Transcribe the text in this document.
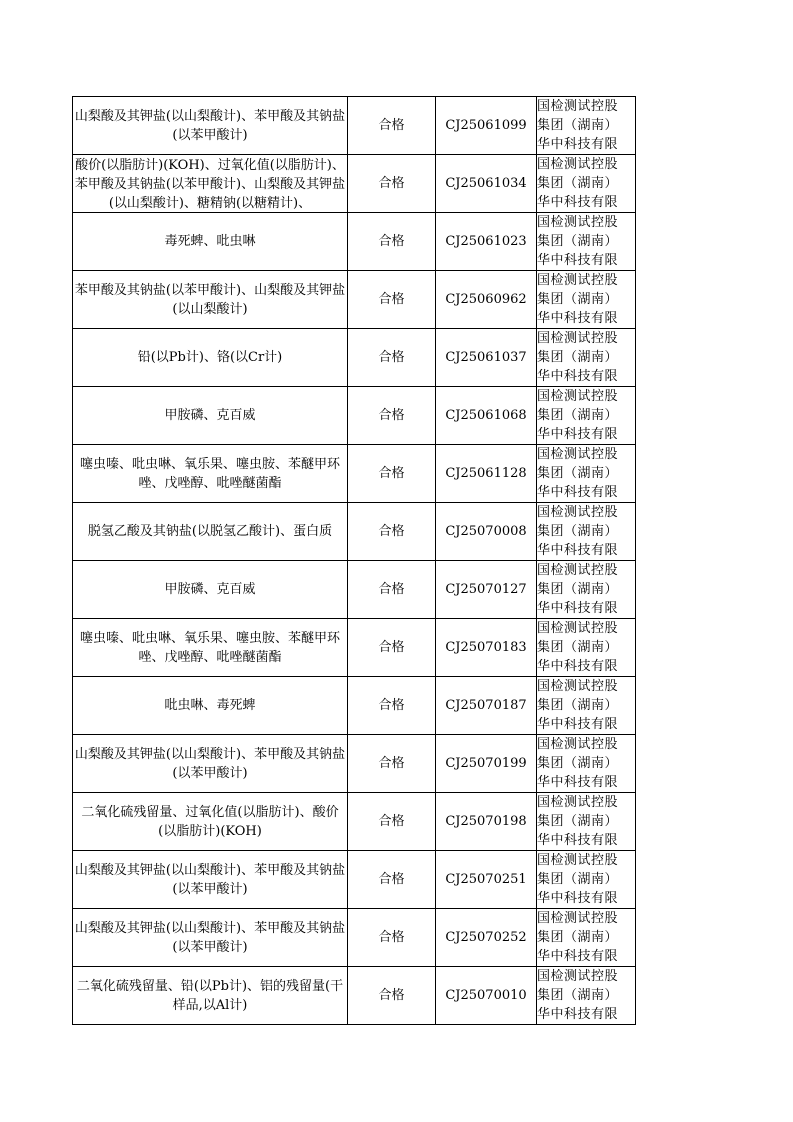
山梨酸及其钾盐(以山梨酸计)、苯甲酸及其钠盐(以苯甲酸计)	合格	CJ25061099	国检测试控股
集团（湖南）
华中科技有限

酸价(以脂肪计)(KOH)、过氧化值(以脂肪计)、苯甲酸及其钠盐(以苯甲酸计)、山梨酸及其钾盐(以山梨酸计)、糖精钠(以糖精计)、	合格	CJ25061034	国检测试控股
集团（湖南）
华中科技有限

毒死蜱、吡虫啉	合格	CJ25061023	国检测试控股
集团（湖南）
华中科技有限

苯甲酸及其钠盐(以苯甲酸计)、山梨酸及其钾盐(以山梨酸计)	合格	CJ25060962	国检测试控股
集团（湖南）
华中科技有限

铅(以Pb计)、铬(以Cr计)	合格	CJ25061037	国检测试控股
集团（湖南）
华中科技有限

甲胺磷、克百威	合格	CJ25061068	国检测试控股
集团（湖南）
华中科技有限

噻虫嗪、吡虫啉、氧乐果、噻虫胺、苯醚甲环唑、戊唑醇、吡唑醚菌酯	合格	CJ25061128	国检测试控股
集团（湖南）
华中科技有限

脱氢乙酸及其钠盐(以脱氢乙酸计)、蛋白质	合格	CJ25070008	国检测试控股
集团（湖南）
华中科技有限

甲胺磷、克百威	合格	CJ25070127	国检测试控股
集团（湖南）
华中科技有限

噻虫嗪、吡虫啉、氧乐果、噻虫胺、苯醚甲环唑、戊唑醇、吡唑醚菌酯	合格	CJ25070183	国检测试控股
集团（湖南）
华中科技有限

吡虫啉、毒死蜱	合格	CJ25070187	国检测试控股
集团（湖南）
华中科技有限

山梨酸及其钾盐(以山梨酸计)、苯甲酸及其钠盐(以苯甲酸计)	合格	CJ25070199	国检测试控股
集团（湖南）
华中科技有限

二氧化硫残留量、过氧化值(以脂肪计)、酸价(以脂肪计)(KOH)	合格	CJ25070198	国检测试控股
集团（湖南）
华中科技有限

山梨酸及其钾盐(以山梨酸计)、苯甲酸及其钠盐(以苯甲酸计)	合格	CJ25070251	国检测试控股
集团（湖南）
华中科技有限

山梨酸及其钾盐(以山梨酸计)、苯甲酸及其钠盐(以苯甲酸计)	合格	CJ25070252	国检测试控股
集团（湖南）
华中科技有限

二氧化硫残留量、铅(以Pb计)、铝的残留量(干样品,以Al计)	合格	CJ25070010	国检测试控股
集团（湖南）
华中科技有限
